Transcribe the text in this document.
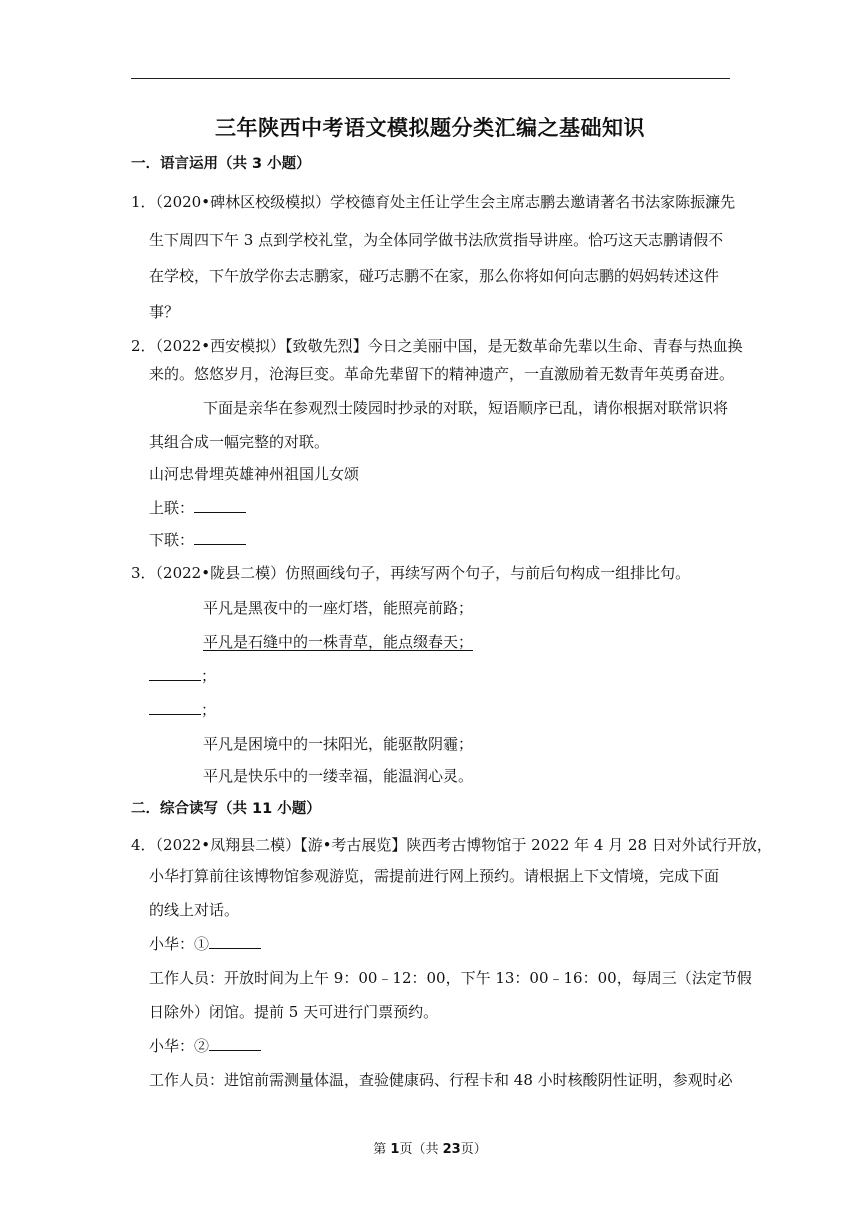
三年陕西中考语文模拟题分类汇编之基础知识
一．语言运用（共 3 小题）
1．（2020•碑林区校级模拟）学校德育处主任让学生会主席志鹏去邀请著名书法家陈振濂先
生下周四下午 3 点到学校礼堂，为全体同学做书法欣赏指导讲座。恰巧这天志鹏请假不
在学校，下午放学你去志鹏家，碰巧志鹏不在家，那么你将如何向志鹏的妈妈转述这件
事？
2．（2022•西安模拟）【致敬先烈】今日之美丽中国，是无数革命先辈以生命、青春与热血换
来的。悠悠岁月，沧海巨变。革命先辈留下的精神遗产，一直激励着无数青年英勇奋进。
下面是亲华在参观烈士陵园时抄录的对联，短语顺序已乱，请你根据对联常识将
其组合成一幅完整的对联。
山河忠骨埋英雄神州祖国儿女颂
上联：
下联：
3．（2022•陇县二模）仿照画线句子，再续写两个句子，与前后句构成一组排比句。
平凡是黑夜中的一座灯塔，能照亮前路；
平凡是石缝中的一株青草，能点缀春天；
；
；
平凡是困境中的一抹阳光，能驱散阴霾；
平凡是快乐中的一缕幸福，能温润心灵。
二．综合读写（共 11 小题）
4．（2022•凤翔县二模）【游•考古展览】陕西考古博物馆于 2022 年 4 月 28 日对外试行开放，
小华打算前往该博物馆参观游览，需提前进行网上预约。请根据上下文情境，完成下面
的线上对话。
小华：①
工作人员：开放时间为上午 9：00﹣12：00，下午 13：00﹣16：00，每周三（法定节假
日除外）闭馆。提前 5 天可进行门票预约。
小华：②
工作人员：进馆前需测量体温，查验健康码、行程卡和 48 小时核酸阴性证明，参观时必
第 1页（共 23页）
